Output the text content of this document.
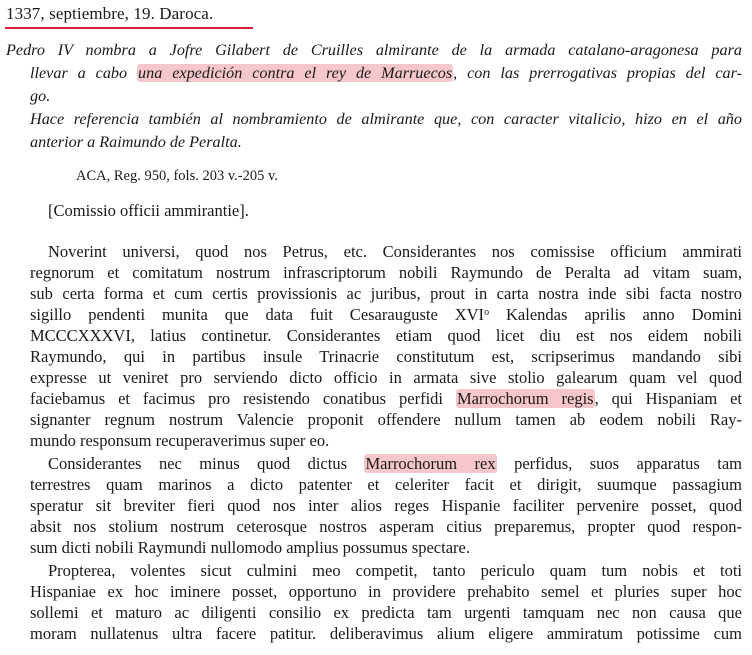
1337, septiembre, 19. Daroca.
Pedro IV nombra a Jofre Gilabert de Cruilles almirante de la armada catalano-aragonesa para
llevar a cabo una expedición contra el rey de Marruecos, con las prerrogativas propias del car-
go.
Hace referencia también al nombramiento de almirante que, con caracter vitalicio, hizo en el año
anterior a Raimundo de Peralta.
ACA, Reg. 950, fols. 203 v.-205 v.
[Comissio officii ammirantie].
Noverint universi, quod nos Petrus, etc. Considerantes nos comissise officium ammirati
regnorum et comitatum nostrum infrascriptorum nobili Raymundo de Peralta ad vitam suam,
sub certa forma et cum certis provissionis ac juribus, prout in carta nostra inde sibi facta nostro
sigillo pendenti munita que data fuit Cesarauguste XVI$^o$ Kalendas aprilis anno Domini
MCCCXXXVI, latius continetur. Considerantes etiam quod licet diu est nos eidem nobili
Raymundo, qui in partibus insule Trinacrie constitutum est, scripserimus mandando sibi
expresse ut veniret pro serviendo dicto officio in armata sive stolio galearum quam vel quod
faciebamus et facimus pro resistendo conatibus perfidi Marrochorum regis, qui Hispaniam et
signanter regnum nostrum Valencie proponit offendere nullum tamen ab eodem nobili Ray-
mundo responsum recuperaverimus super eo.
Considerantes nec minus quod dictus Marrochorum rex perfidus, suos apparatus tam
terrestres quam marinos a dicto patenter et celeriter facit et dirigit, suumque passagium
speratur sit breviter fieri quod nos inter alios reges Hispanie faciliter pervenire posset, quod
absit nos stolium nostrum ceterosque nostros asperam citius preparemus, propter quod respon-
sum dicti nobili Raymundi nullomodo amplius possumus spectare.
Propterea, volentes sicut culmini meo competit, tanto periculo quam tum nobis et toti
Hispaniae ex hoc iminere posset, opportuno in providere prehabito semel et pluries super hoc
sollemi et maturo ac diligenti consilio ex predicta tam urgenti tamquam nec non causa que
moram nullatenus ultra facere patitur. deliberavimus alium eligere ammiratum potissime cum
